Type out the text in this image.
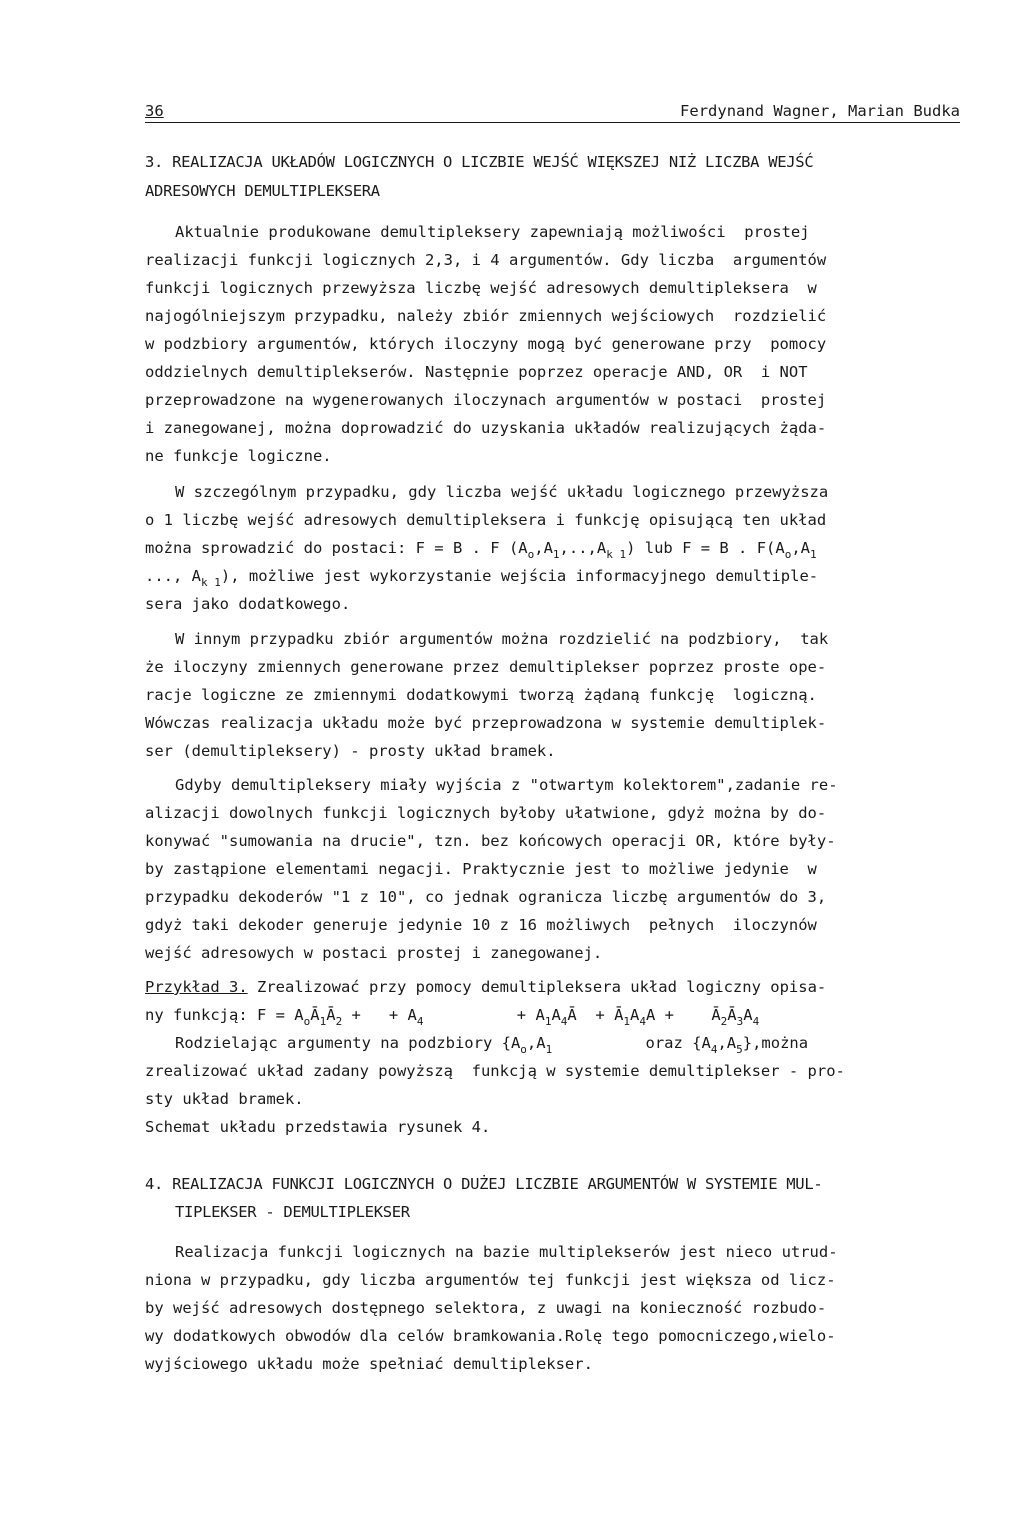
36	Ferdynand Wagner, Marian Budka
3. REALIZACJA UKŁADÓW LOGICZNYCH O LICZBIE WEJŚĆ WIĘKSZEJ NIŻ LICZBA WEJŚĆ
ADRESOWYCH DEMULTIPLEKSERA
Aktualnie produkowane demultipleksery zapewniają możliwości  prostej
realizacji funkcji logicznych 2,3, i 4 argumentów. Gdy liczba  argumentów
funkcji logicznych przewyższa liczbę wejść adresowych demultipleksera  w
najogólniejszym przypadku, należy zbiór zmiennych wejściowych  rozdzielić
w podzbiory argumentów, których iloczyny mogą być generowane przy  pomocy
oddzielnych demultiplekserów. Następnie poprzez operacje AND, OR  i NOT
przeprowadzone na wygenerowanych iloczynach argumentów w postaci  prostej
i zanegowanej, można doprowadzić do uzyskania układów realizujących żąda-
ne funkcje logiczne.
W szczególnym przypadku, gdy liczba wejść układu logicznego przewyższa
o 1 liczbę wejść adresowych demultipleksera i funkcję opisującą ten układ
można sprowadzić do postaci: F = B . F $(A_o,A_1,..,A_{k 1})$ lub F = B . $F(A_o,A_1$
..., $A_{k 1}$), możliwe jest wykorzystanie wejścia informacyjnego demultiple-
sera jako dodatkowego.
W innym przypadku zbiór argumentów można rozdzielić na podzbiory,  tak
że iloczyny zmiennych generowane przez demultiplekser poprzez proste ope-
racje logiczne ze zmiennymi dodatkowymi tworzą żądaną funkcję  logiczną.
Wówczas realizacja układu może być przeprowadzona w systemie demultiplek-
ser (demultipleksery) - prosty układ bramek.
Gdyby demultipleksery miały wyjścia z "otwartym kolektorem",zadanie re-
alizacji dowolnych funkcji logicznych byłoby ułatwione, gdyż można by do-
konywać "sumowania na drucie", tzn. bez końcowych operacji OR, które były-
by zastąpione elementami negacji. Praktycznie jest to możliwe jedynie  w
przypadku dekoderów "1 z 10", co jednak ogranicza liczbę argumentów do 3,
gdyż taki dekoder generuje jedynie 10 z 16 możliwych  pełnych  iloczynów
wejść adresowych w postaci prostej i zanegowanej.
Przykład 3. Zrealizować przy pomocy demultipleksera układ logiczny opisa-
ny funkcją: $F = A_oĀ_1Ā_2$ +   + $A_4$          + $A_1A_4Ā$  + $Ā_1A_4A$ +    $Ā_2Ā_3A_4$
Rodzielając argumenty na podzbiory {$A_o,A_1$          oraz $\{A_4,A_5\},można$
zrealizować układ zadany powyższą  funkcją w systemie demultiplekser - pro-
sty układ bramek.
Schemat układu przedstawia rysunek 4.
4. REALIZACJA FUNKCJI LOGICZNYCH O DUŻEJ LICZBIE ARGUMENTÓW W SYSTEMIE MUL-
TIPLEKSER - DEMULTIPLEKSER
Realizacja funkcji logicznych na bazie multiplekserów jest nieco utrud-
niona w przypadku, gdy liczba argumentów tej funkcji jest większa od licz-
by wejść adresowych dostępnego selektora, z uwagi na konieczność rozbudo-
wy dodatkowych obwodów dla celów bramkowania.Rolę tego pomocniczego,wielo-
wyjściowego układu może spełniać demultiplekser.
